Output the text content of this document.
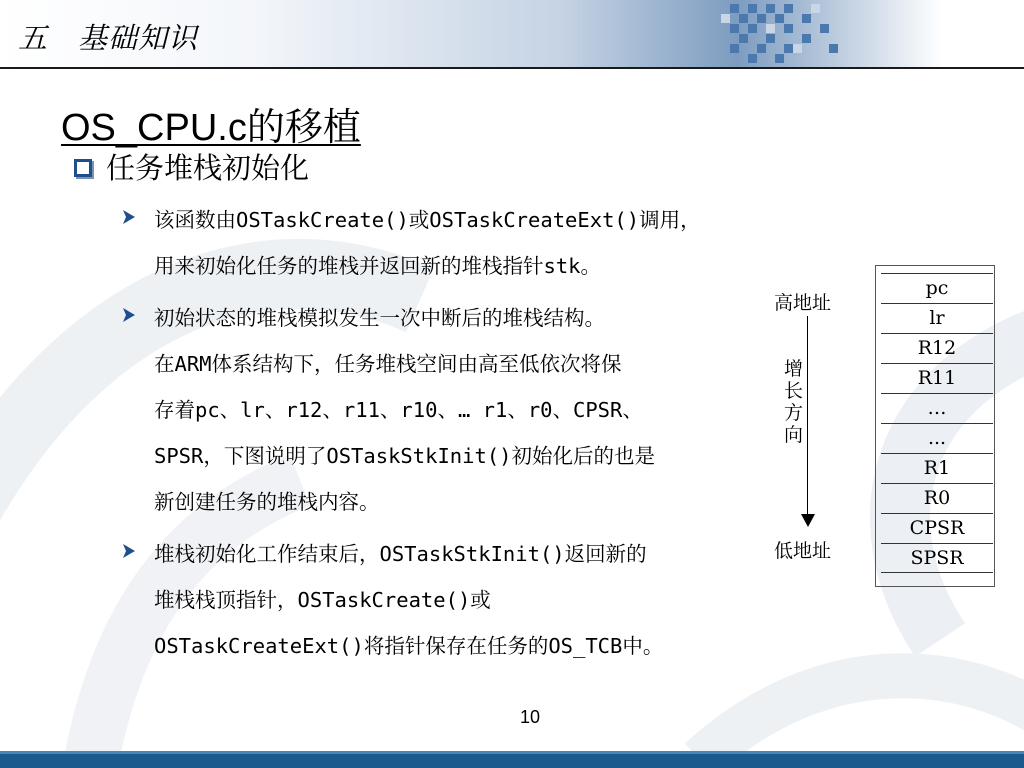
五　基础知识
OS_CPU.c的移植
任务堆栈初始化
该函数由OSTaskCreate()或OSTaskCreateExt()调用，
用来初始化任务的堆栈并返回新的堆栈指针stk。
初始状态的堆栈模拟发生一次中断后的堆栈结构。
在ARM体系结构下，任务堆栈空间由高至低依次将保
存着pc、lr、r12、r11、r10、… r1、r0、CPSR、
SPSR，下图说明了OSTaskStkInit()初始化后的也是
新创建任务的堆栈内容。
堆栈初始化工作结束后，OSTaskStkInit()返回新的
堆栈栈顶指针，OSTaskCreate()或
OSTaskCreateExt()将指针保存在任务的OS_TCB中。
高地址
增长方向
低地址
pc
lr
R12
R11
…
...
R1
R0
CPSR
SPSR
10
